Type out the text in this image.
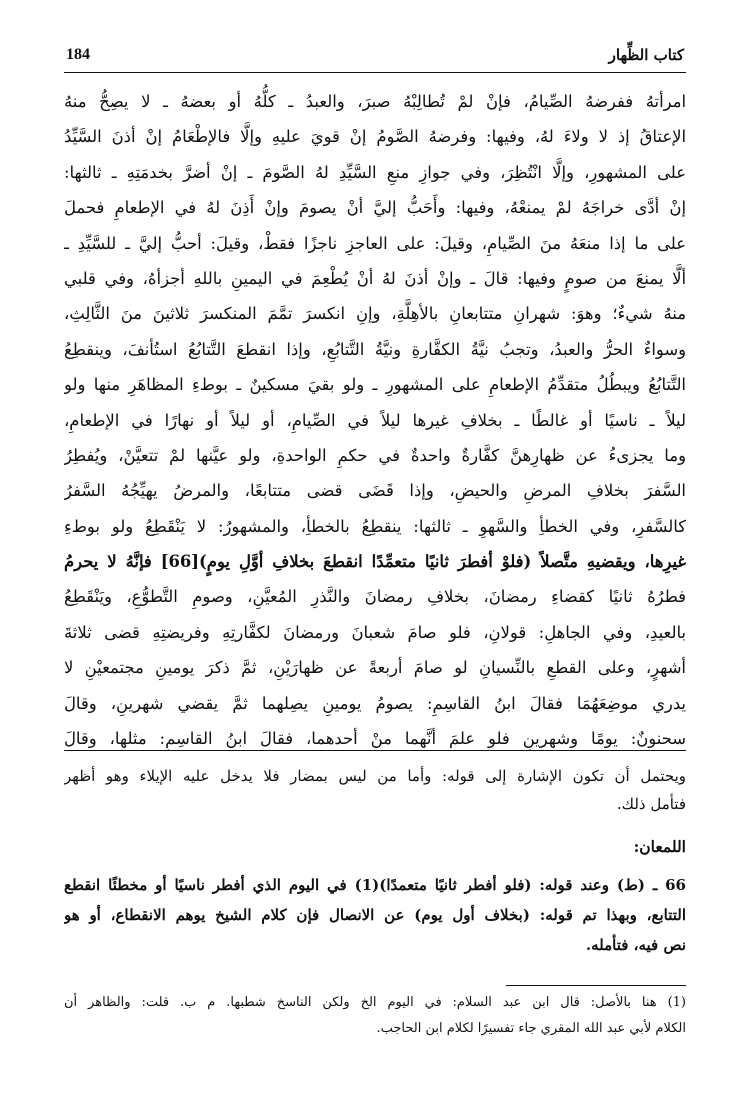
184	كتاب الظِّهار

امرأتهُ ففرضهُ الصِّيامُ، فإنْ لمْ تُطالِبْهُ صبرَ، والعبدُ ـ كلُّهُ أو بعضهُ ـ لا يصِحُّ منهُ

الإعتاقُ إذ لا ولاءَ لهُ، وفيها: وفرضهُ الصَّومُ إنْ قويَ عليهِ وإلَّا فالإطْعَامُ إنْ أذنَ السَّيِّدُ

على المشهورِ، وإلَّا انْتُظِرَ، وفي جوازِ منعِ السَّيِّدِ لهُ الصَّومَ ـ إنْ أضرَّ بخدمَتِهِ ـ ثالثها:

إنْ أدَّى خراجَهُ لمْ يمنعْهُ، وفيها: وأَحَبُّ إليَّ أنْ يصومَ وإنْ أَذِنَ لهُ في الإطعامِ فحملَ

على ما إذا منعَهُ منَ الصِّيامِ، وقيلَ: على العاجزِ ناجزًا فقطْ، وقيلَ: أحبُّ إليَّ ـ للسَّيِّدِ ـ

ألَّا يمنعَ من صومٍ وفيها: قالَ ـ وإنْ أذنَ لهُ أنْ يُطْعِمَ في اليمينِ باللهِ أجزأهُ، وفي قلبي

منهُ شيءٌ؛ وهوَ: شهرانِ متتابعانِ بالأهِلَّةِ، وإنِ انكسرَ تمَّمَ المنكسرَ ثلاثينَ منَ الثَّالِثِ،

وسواءٌ الحرُّ والعبدُ، وتجبُ نيَّةُ الكفَّارةِ ونيَّةُ التَّتابُعِ، وإذا انقطعَ التَّتابُعُ استُأنفَ، وينقطِعُ

التَّتابُعُ ويبطُلُ متقدِّمُ الإطعامِ على المشهورِ ـ ولو بقيَ مسكينٌ ـ بوطءِ المظاهَرِ منها ولو

ليلاً ـ ناسيًا أو غالطًا ـ بخلافِ غيرها ليلاً في الصِّيامِ، أو ليلاً أو نهارًا في الإطعامِ،

وما يجزىءُ عن ظهارِهنَّ كفَّارةٌ واحدةٌ في حكمِ الواحدةِ، ولو عيَّنها لمْ تتعيَّنْ، ويُفطِرُ

السَّفرَ بخلافِ المرضِ والحيضِ، وإذا قَضَى قضى متتابعًا، والمرضُ يهيِّجُهُ السَّفرُ

كالسَّفرِ، وفي الخطأِ والسَّهوِ ـ ثالثها: ينقطِعُ بالخطأِ، والمشهورُ: لا يَنْقَطِعُ ولو بوطءِ

غيرِها، ويقضيهِ متَّصلاً (فلوْ أفطرَ ثانيًا متعمِّدًا انقطعَ بخلافِ أوَّلِ يومٍ)[66] فإنَّهُ لا يحرمُ

فطرُهُ ثانيًا كقضاءِ رمضانَ، بخلافِ رمضانَ والنَّذرِ المُعيَّنِ، وصومِ التَّطوُّعِ، ويَنْقَطِعُ

بالعيدِ، وفي الجاهلِ: قولانِ، فلو صامَ شعبانَ ورمضانَ لكفَّارتِهِ وفريضتِهِ قضى ثلاثةَ

أشهرٍ، وعلى القطعِ بالنِّسيانِ لو صامَ أربعةً عن ظهارَيْنِ، ثمَّ ذكرَ يومينِ مجتمعيْنِ لا

يدري موضِعَهُمَا فقالَ ابنُ القاسِمِ: يصومُ يومينِ يصِلهما ثمَّ يقضي شهرينِ، وقالَ

سحنونٌ: يومًا وشهرينِ فلو علمَ أنَّهما منْ أحدهما، فقالَ ابنُ القاسِمِ: مثلها، وقالَ

ويحتمل أن تكون الإشارة إلى قوله: وأما من ليس بمضار فلا يدخل عليه الإيلاء وهو أظهر

فتأمل ذلك.

اللمعان:

66 ـ (ط) وعند قوله: (فلو أفطر ثانيًا متعمدًا)(1) في اليوم الذي أفطر ناسيًا أو مخطئًا انقطع

التتابع، وبهذا تم قوله: (بخلاف أول يوم) عن الانصال فإن كلام الشيخ يوهم الانقطاع، أو هو

نص فيه، فتأمله.

(1) هنا بالأصل: قال ابن عبد السلام: في اليوم الخ ولكن الناسخ شطبها. م ب. قلت: والظاهر أن

الكلام لأبي عبد الله المقري جاء تفسيرًا لكلام ابن الحاجب.
